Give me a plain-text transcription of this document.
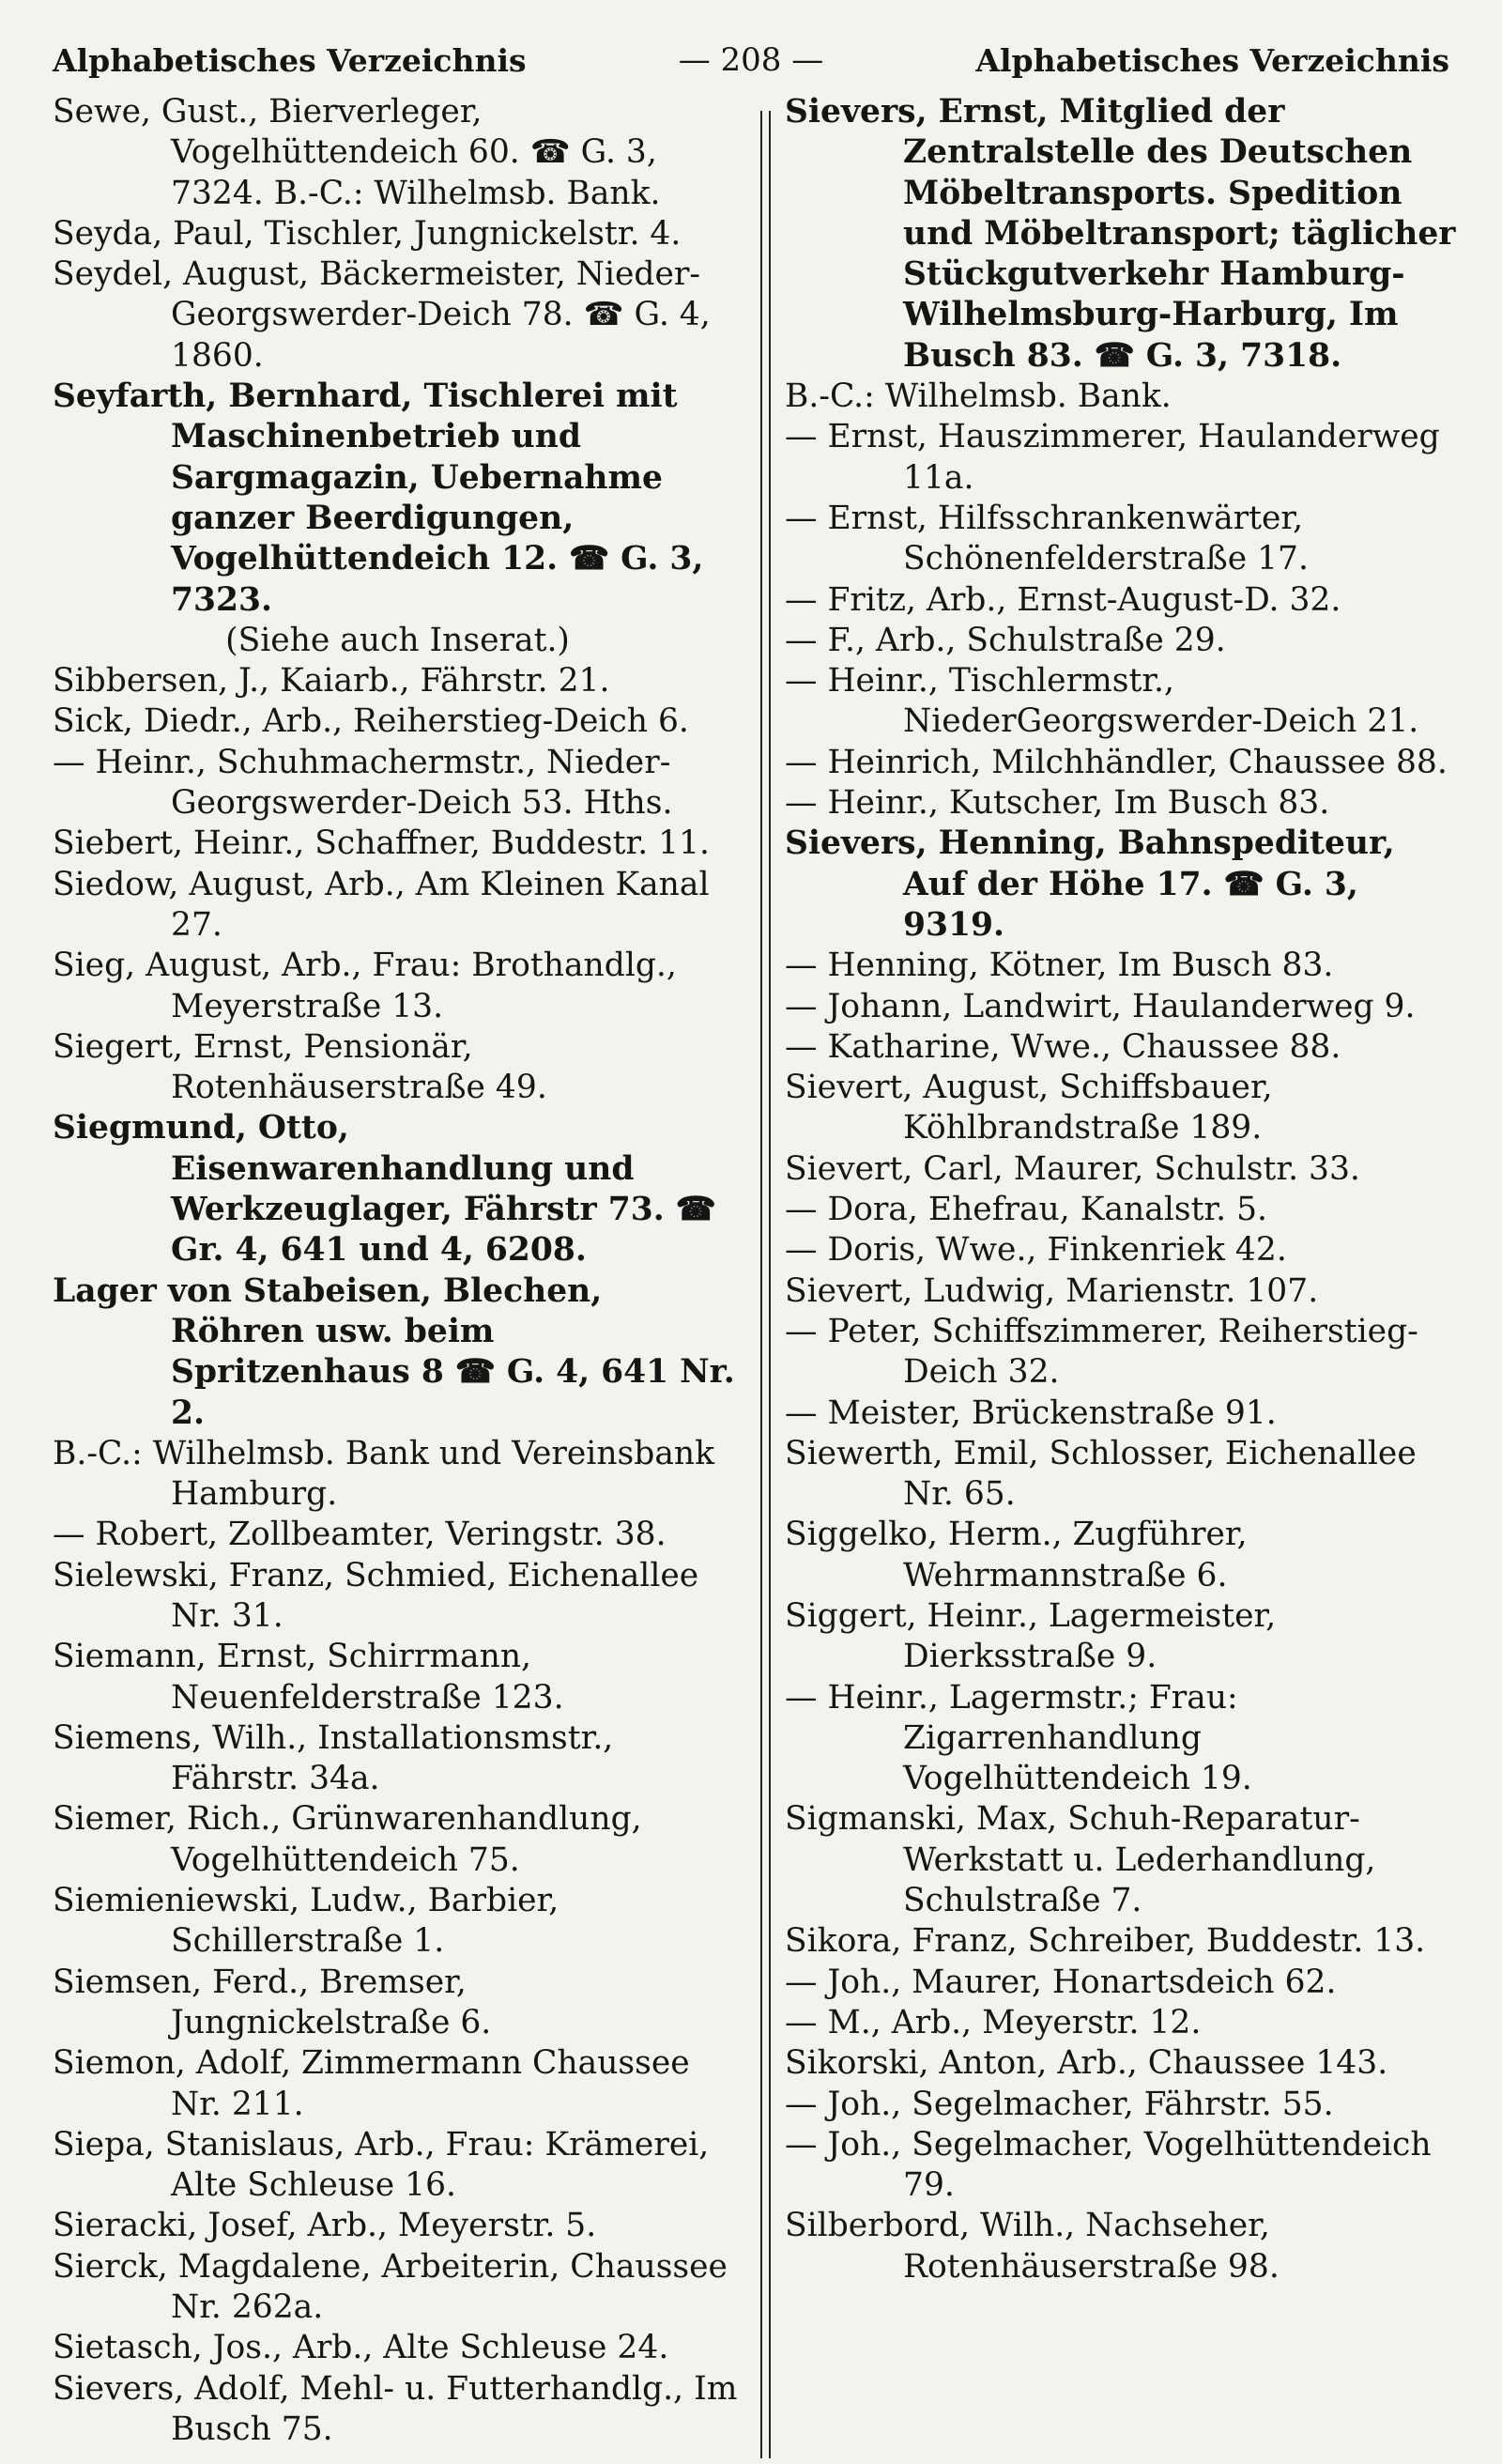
Alphabetisches Verzeichnis	— 208 —	Alphabetisches Verzeichnis
Sewe, Gust., Bierverleger, Vogelhüttendeich 60. ☎ G. 3, 7324. B.-C.: Wilhelmsb. Bank.
Seyda, Paul, Tischler, Jungnickelstr. 4.
Seydel, August, Bäckermeister, Nieder-Georgswerder-Deich 78. ☎ G. 4, 1860.
Seyfarth, Bernhard, Tischlerei mit Maschinenbetrieb und Sargmagazin, Uebernahme ganzer Beerdigungen, Vogelhüttendeich 12. ☎ G. 3, 7323.
(Siehe auch Inserat.)
Sibbersen, J., Kaiarb., Fährstr. 21.
Sick, Diedr., Arb., Reiherstieg-Deich 6.
— Heinr., Schuhmachermstr., Nieder-Georgswerder-Deich 53. Hths.
Siebert, Heinr., Schaffner, Buddestr. 11.
Siedow, August, Arb., Am Kleinen Kanal 27.
Sieg, August, Arb., Frau: Brothandlg., Meyerstraße 13.
Siegert, Ernst, Pensionär, Rotenhäuserstraße 49.
Siegmund, Otto, Eisenwarenhandlung und Werkzeuglager, Fährstr 73. ☎ Gr. 4, 641 und 4, 6208.
Lager von Stabeisen, Blechen, Röhren usw. beim Spritzenhaus 8 ☎ G. 4, 641 Nr. 2.
B.-C.: Wilhelmsb. Bank und Vereinsbank Hamburg.
— Robert, Zollbeamter, Veringstr. 38.
Sielewski, Franz, Schmied, Eichenallee Nr. 31.
Siemann, Ernst, Schirrmann, Neuenfelderstraße 123.
Siemens, Wilh., Installationsmstr., Fährstr. 34a.
Siemer, Rich., Grünwarenhandlung, Vogelhüttendeich 75.
Siemieniewski, Ludw., Barbier, Schillerstraße 1.
Siemsen, Ferd., Bremser, Jungnickelstraße 6.
Siemon, Adolf, Zimmermann Chaussee Nr. 211.
Siepa, Stanislaus, Arb., Frau: Krämerei, Alte Schleuse 16.
Sieracki, Josef, Arb., Meyerstr. 5.
Sierck, Magdalene, Arbeiterin, Chaussee Nr. 262a.
Sietasch, Jos., Arb., Alte Schleuse 24.
Sievers, Adolf, Mehl- u. Futterhandlg., Im Busch 75.
Sievers, Ernst, Mitglied der Zentralstelle des Deutschen Möbeltransports. Spedition und Möbeltransport; täglicher Stückgutverkehr Hamburg-Wilhelmsburg-Harburg, Im Busch 83. ☎ G. 3, 7318.
B.-C.: Wilhelmsb. Bank.
— Ernst, Hauszimmerer, Haulanderweg 11a.
— Ernst, Hilfsschrankenwärter, Schönenfelderstraße 17.
— Fritz, Arb., Ernst-August-D. 32.
— F., Arb., Schulstraße 29.
— Heinr., Tischlermstr., NiederGeorgswerder-Deich 21.
— Heinrich, Milchhändler, Chaussee 88.
— Heinr., Kutscher, Im Busch 83.
Sievers, Henning, Bahnspediteur, Auf der Höhe 17. ☎ G. 3, 9319.
— Henning, Kötner, Im Busch 83.
— Johann, Landwirt, Haulanderweg 9.
— Katharine, Wwe., Chaussee 88.
Sievert, August, Schiffsbauer, Köhlbrandstraße 189.
Sievert, Carl, Maurer, Schulstr. 33.
— Dora, Ehefrau, Kanalstr. 5.
— Doris, Wwe., Finkenriek 42.
Sievert, Ludwig, Marienstr. 107.
— Peter, Schiffszimmerer, Reiherstieg-Deich 32.
— Meister, Brückenstraße 91.
Siewerth, Emil, Schlosser, Eichenallee Nr. 65.
Siggelko, Herm., Zugführer, Wehrmannstraße 6.
Siggert, Heinr., Lagermeister, Dierksstraße 9.
— Heinr., Lagermstr.; Frau: Zigarrenhandlung Vogelhüttendeich 19.
Sigmanski, Max, Schuh-Reparatur-Werkstatt u. Lederhandlung, Schulstraße 7.
Sikora, Franz, Schreiber, Buddestr. 13.
— Joh., Maurer, Honartsdeich 62.
— M., Arb., Meyerstr. 12.
Sikorski, Anton, Arb., Chaussee 143.
— Joh., Segelmacher, Fährstr. 55.
— Joh., Segelmacher, Vogelhüttendeich 79.
Silberbord, Wilh., Nachseher, Rotenhäuserstraße 98.
